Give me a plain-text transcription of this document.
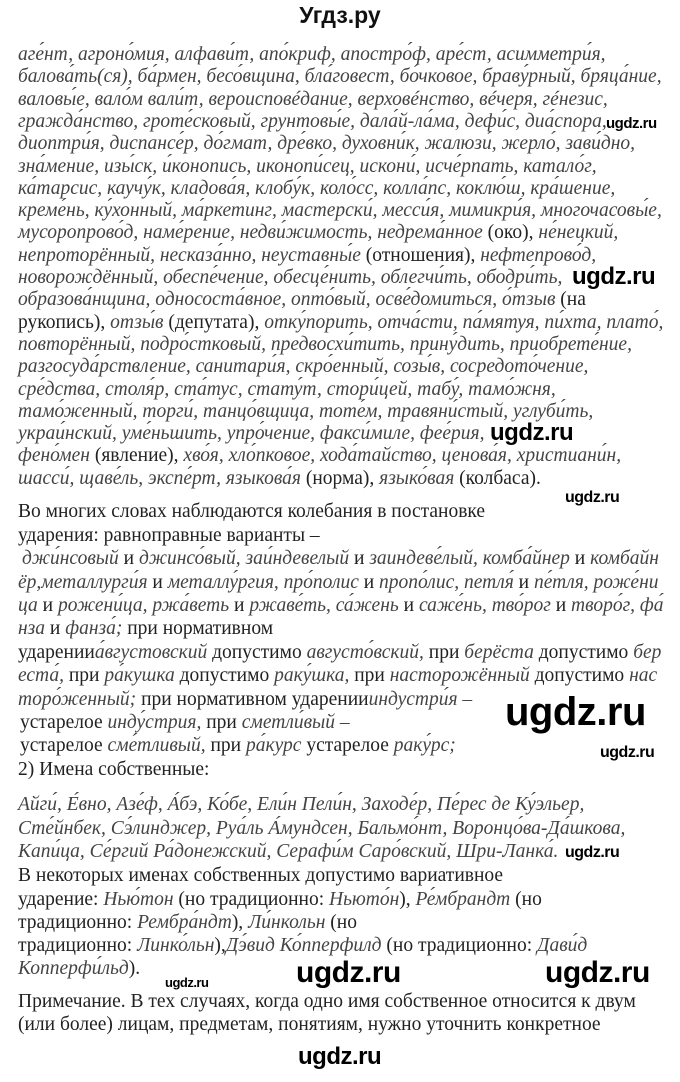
Угдз.ру
аге́нт, агроно́мия, алфави́т, апо́криф, апостро́ф, аре́ст, асимметри́я,
балова́ть(ся), ба́рмен, бесо́вщина, бла́говест, бо́чковое, браву́рный, бряца́ние,
валовы́е, вало́м вали́т, вероисповéдание, верховéнство, вéчеря, гéнезис,
гражда́нство, гроте́сковый, грунтовы́е, дала́й-ла́ма, дефи́с, диа́спора,
диоптри́я, диспансе́р, до́гмат, дре́вко, духовни́к, жалюзи́, жерло́, зави́дно,
зна́мение, изы́ск, и́конопись, иконопи́сец, искони́, исче́рпать, катало́г,
ка́тарсис, каучу́к, кладова́я, клобу́к, коло́сс, колла́пс, коклю́ш, кра́шение,
креме́нь, ку́хонный, ма́ркетинг, мастерски́, месси́я, мимикри́я, многочасовы́е,
мусоропрово́д, наме́рение, недви́жимость, недрема́нное (око), не́нецкий,
непроторённый, несказа́нно, неуставны́е (отношения), нефтепрово́д,
новорождённый, обеспе́чение, обесце́нить, облегчи́ть, ободри́ть,
образова́нщина, однососта́вное, опто́вый, осве́домиться, о́тзыв (на
рукопись), отзы́в (депутата), отку́порить, отча́сти, па́мятуя, пи́хта, плато́,
повторённый, подро́стковый, предвосхи́тить, прину́дить, приобрете́ние,
разгосуда́рствление, санитари́я, скро́енный, созы́в, сосредото́чение,
сре́дства, столя́р, ста́тус, стату́т, стори́цей, табу́, тамо́жня,
тамо́женный, торги́, танцо́вщица, тоте́м, травяни́стый, углуби́ть,
украи́нский, уме́ньшить, упро́чение, факси́миле, фее́рия,
фено́мен (явление), хво́я, хло́пковое, хода́тайство, ценова́я, христиани́н,
шасси́, щаве́ль, экспе́рт, языкова́я (норма), языко́вая (колбаса).
Во многих словах наблюдаются колебания в постановке
ударения: равноправные варианты –
джи́нсовый и джинсо́вый, заи́ндевелый и заиндеве́лый, комба́йнер и комбайн
ёр,металлурги́я и металлу́ргия, про́полис и пропо́лис, петля́ и пе́тля, роже́ни
ца и рожени́ца, ржа́веть и ржаве́ть, са́жень и саже́нь, тво́рог и творо́г, фа́
нза и фанза́; при нормативном
ударенииа́вгустовский допустимо августо́вский, при берёста допустимо бер
еста́, при ра́кушка допустимо раку́шка, при насторожённый допустимо нас
торо́женный; при нормативном ударениииндустри́я –
устарелое инду́стрия, при сметли́вый –
устарелое сме́тливый, при ра́курс устарелое раку́рс;
2) Имена собственные:
Айги́, Е́вно, Азе́ф, А́бэ, Ко́бе, Ели́н Пели́н, Заходе́р, Пе́рес де Ку́эльер,
Сте́йнбек, Сэ́линджер, Руа́ль А́мундсен, Бальмо́нт, Воронцо́ва-Да́шкова,
Капи́ца, Се́ргий Ра́донежский, Серафи́м Саро́вский, Шри-Ланка́.
В некоторых именах собственных допустимо вариативное
ударение: Нью́тон (но традиционно: Ньюто́н), Ре́мбрандт (но
традиционно: Рембра́ндт), Ли́нкольн (но
традиционно: Линко́льн),Дэ́вид Ко́пперфилд (но традиционно: Дави́д
Копперфи́льд).
Примечание. В тех случаях, когда одно имя собственное относится к двум
(или более) лицам, предметам, понятиям, нужно уточнить конкретное
ugdz.ru
ugdz.ru
ugdz.ru
ugdz.ru
ugdz.ru
ugdz.ru
ugdz.ru
ugdz.ru	ugdz.ru
ugdz.ru
ugdz.ru
